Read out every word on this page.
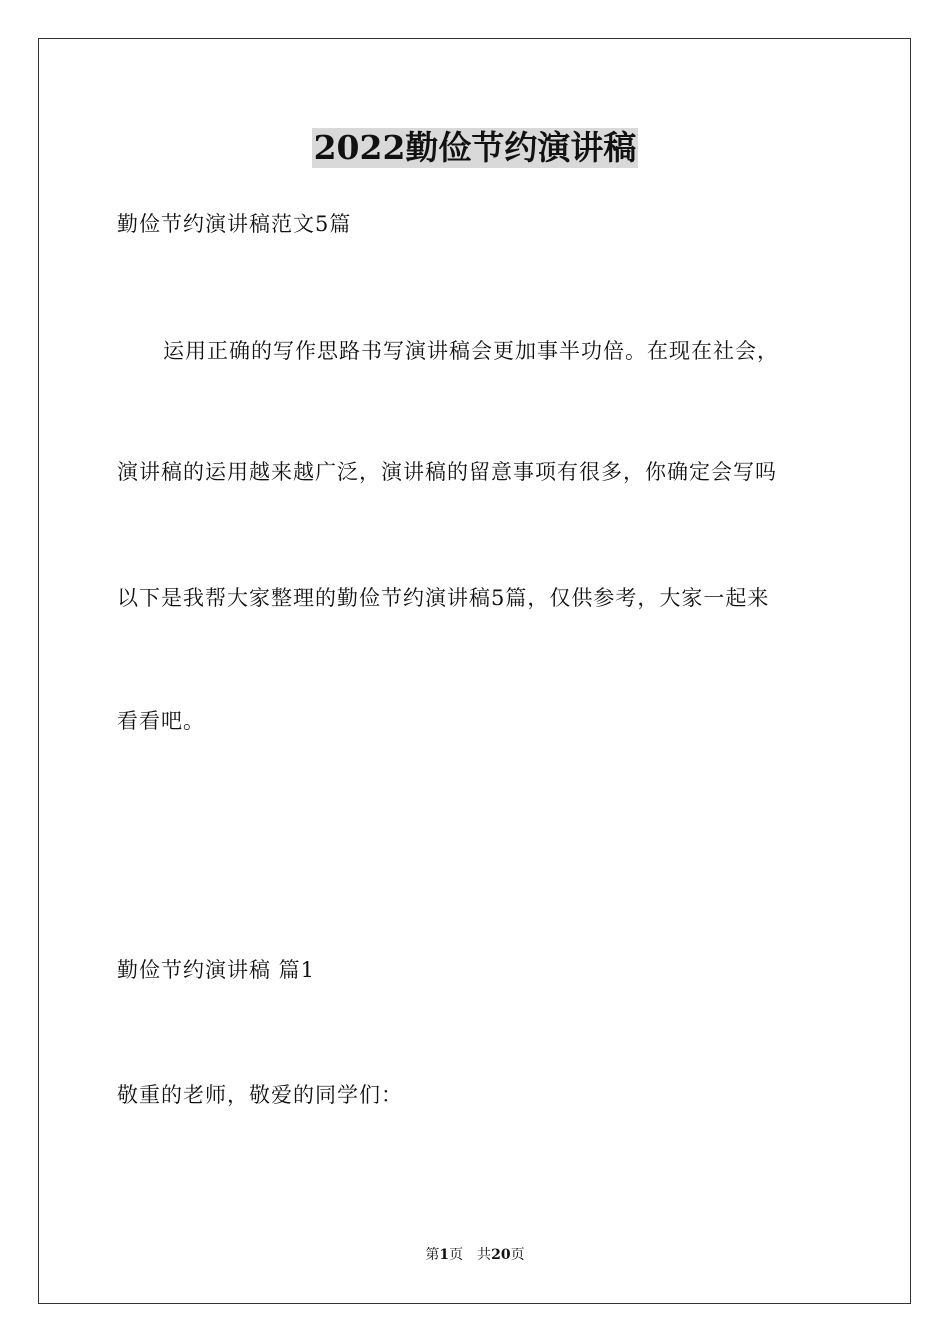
2022勤俭节约演讲稿
勤俭节约演讲稿范文5篇
运用正确的写作思路书写演讲稿会更加事半功倍。在现在社会，
演讲稿的运用越来越广泛，演讲稿的留意事项有很多，你确定会写吗
以下是我帮大家整理的勤俭节约演讲稿5篇，仅供参考，大家一起来
看看吧。
勤俭节约演讲稿 篇1
敬重的老师，敬爱的同学们：
第1页 共20页
